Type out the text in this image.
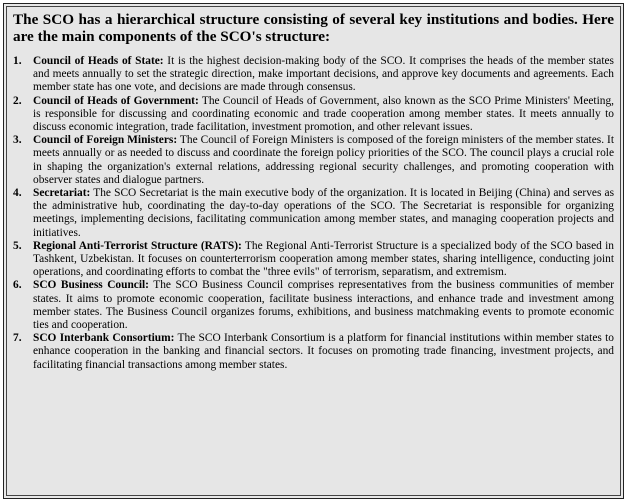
The SCO has a hierarchical structure consisting of several key institutions and bodies. Here are the main components of the SCO's structure:

1. Council of Heads of State: It is the highest decision-making body of the SCO. It comprises the heads of the member states and meets annually to set the strategic direction, make important decisions, and approve key documents and agreements. Each member state has one vote, and decisions are made through consensus.
2. Council of Heads of Government: The Council of Heads of Government, also known as the SCO Prime Ministers' Meeting, is responsible for discussing and coordinating economic and trade cooperation among member states. It meets annually to discuss economic integration, trade facilitation, investment promotion, and other relevant issues.
3. Council of Foreign Ministers: The Council of Foreign Ministers is composed of the foreign ministers of the member states. It meets annually or as needed to discuss and coordinate the foreign policy priorities of the SCO. The council plays a crucial role in shaping the organization's external relations, addressing regional security challenges, and promoting cooperation with observer states and dialogue partners.
4. Secretariat: The SCO Secretariat is the main executive body of the organization. It is located in Beijing (China) and serves as the administrative hub, coordinating the day-to-day operations of the SCO. The Secretariat is responsible for organizing meetings, implementing decisions, facilitating communication among member states, and managing cooperation projects and initiatives.
5. Regional Anti-Terrorist Structure (RATS): The Regional Anti-Terrorist Structure is a specialized body of the SCO based in Tashkent, Uzbekistan. It focuses on counterterrorism cooperation among member states, sharing intelligence, conducting joint operations, and coordinating efforts to combat the "three evils" of terrorism, separatism, and extremism.
6. SCO Business Council: The SCO Business Council comprises representatives from the business communities of member states. It aims to promote economic cooperation, facilitate business interactions, and enhance trade and investment among member states. The Business Council organizes forums, exhibitions, and business matchmaking events to promote economic ties and cooperation.
7. SCO Interbank Consortium: The SCO Interbank Consortium is a platform for financial institutions within member states to enhance cooperation in the banking and financial sectors. It focuses on promoting trade financing, investment projects, and facilitating financial transactions among member states.
